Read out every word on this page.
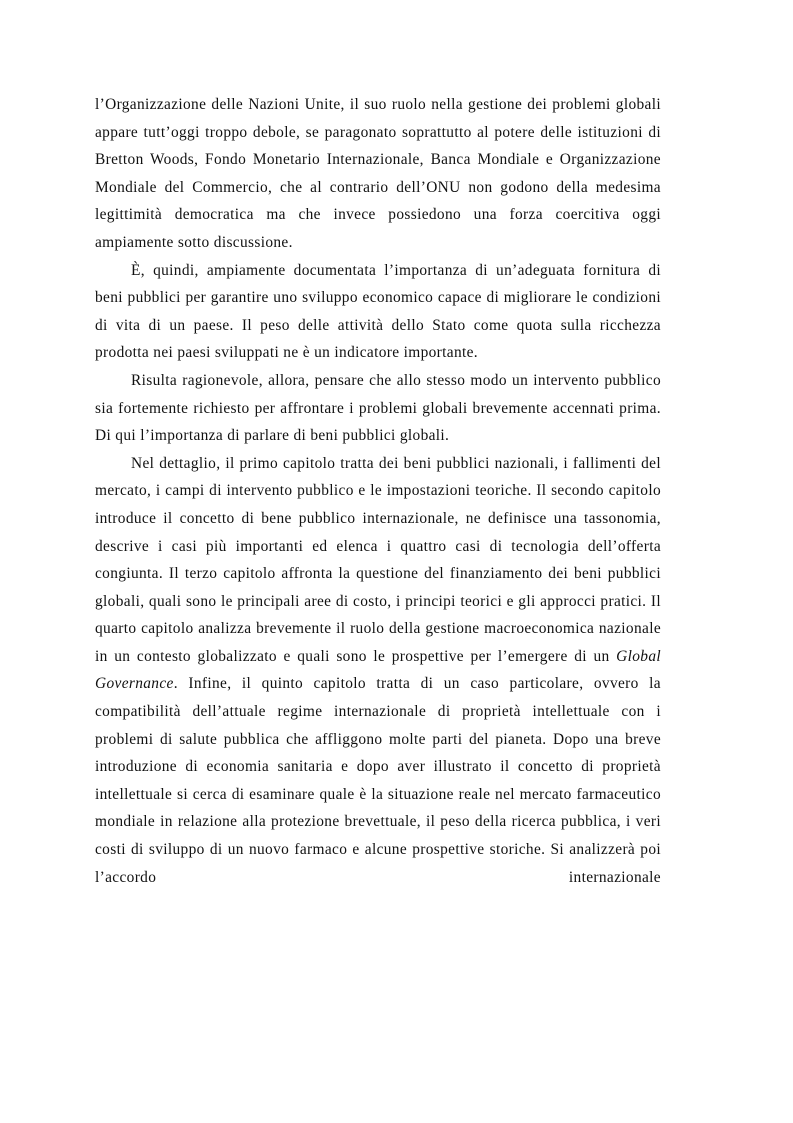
l’Organizzazione delle Nazioni Unite, il suo ruolo nella gestione dei problemi globali appare tutt’oggi troppo debole, se paragonato soprattutto al potere delle istituzioni di Bretton Woods, Fondo Monetario Internazionale, Banca Mondiale e Organizzazione Mondiale del Commercio, che al contrario dell’ONU non godono della medesima legittimità democratica ma che invece possiedono una forza coercitiva oggi ampiamente sotto discussione.

È, quindi, ampiamente documentata l’importanza di un’adeguata fornitura di beni pubblici per garantire uno sviluppo economico capace di migliorare le condizioni di vita di un paese. Il peso delle attività dello Stato come quota sulla ricchezza prodotta nei paesi sviluppati ne è un indicatore importante.

Risulta ragionevole, allora, pensare che allo stesso modo un intervento pubblico sia fortemente richiesto per affrontare i problemi globali brevemente accennati prima. Di qui l’importanza di parlare di beni pubblici globali.

Nel dettaglio, il primo capitolo tratta dei beni pubblici nazionali, i fallimenti del mercato, i campi di intervento pubblico e le impostazioni teoriche. Il secondo capitolo introduce il concetto di bene pubblico internazionale, ne definisce una tassonomia, descrive i casi più importanti ed elenca i quattro casi di tecnologia dell’offerta congiunta. Il terzo capitolo affronta la questione del finanziamento dei beni pubblici globali, quali sono le principali aree di costo, i principi teorici e gli approcci pratici. Il quarto capitolo analizza brevemente il ruolo della gestione macroeconomica nazionale in un contesto globalizzato e quali sono le prospettive per l’emergere di un Global Governance. Infine, il quinto capitolo tratta di un caso particolare, ovvero la compatibilità dell’attuale regime internazionale di proprietà intellettuale con i problemi di salute pubblica che affliggono molte parti del pianeta. Dopo una breve introduzione di economia sanitaria e dopo aver illustrato il concetto di proprietà intellettuale si cerca di esaminare quale è la situazione reale nel mercato farmaceutico mondiale in relazione alla protezione brevettuale, il peso della ricerca pubblica, i veri costi di sviluppo di un nuovo farmaco e alcune prospettive storiche. Si analizzerà poi l’accordo internazionale
